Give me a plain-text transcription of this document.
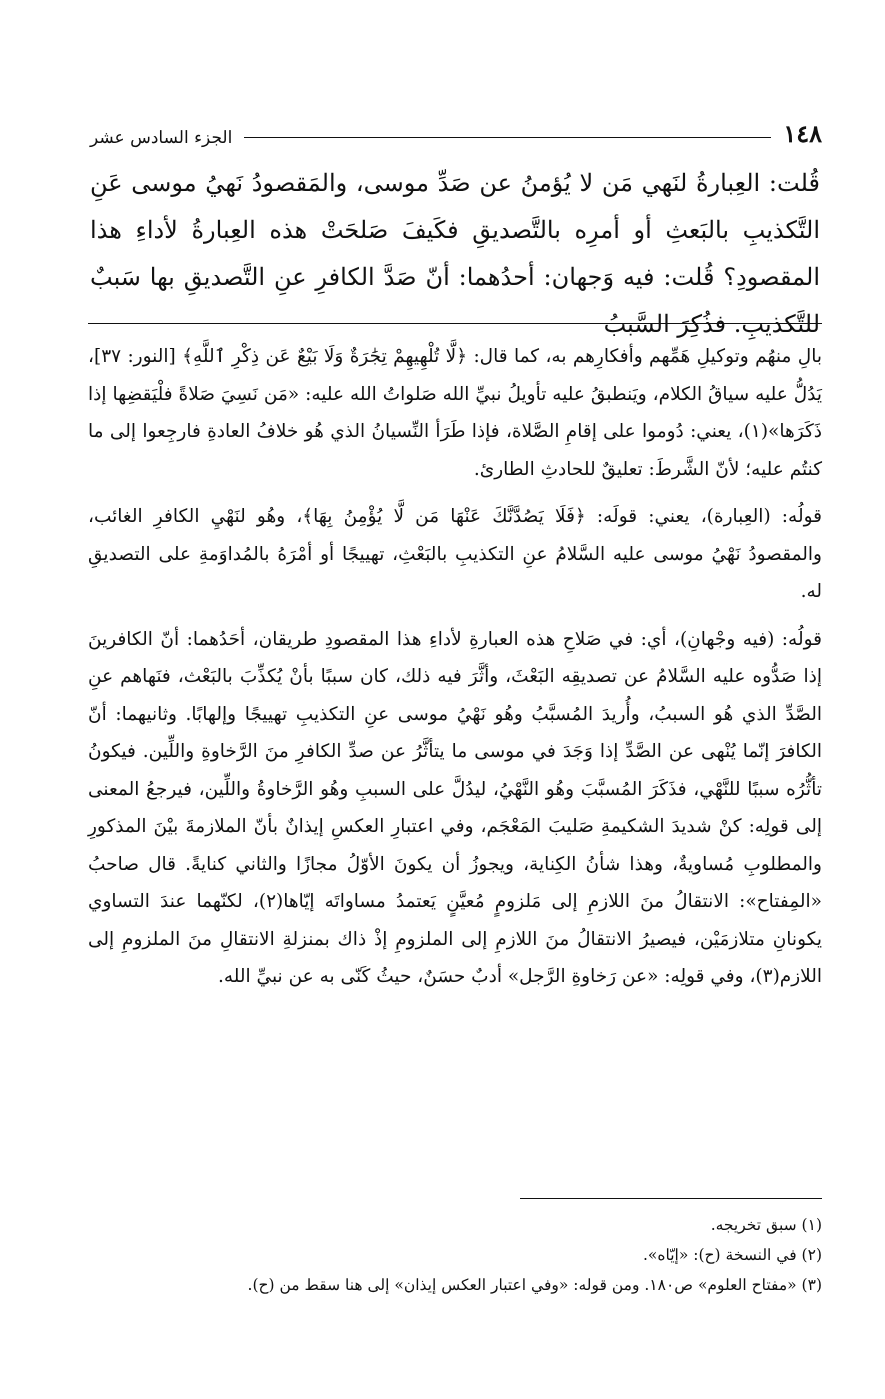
١٤٨
الجزء السادس عشر

قُلت: العِبارةُ لنَهي مَن لا يُؤمنُ عن صَدِّ موسى، والمَقصودُ نَهيُ موسى عَنِ التَّكذيبِ بالبَعثِ أو أمرِه بالتَّصديقِ فكَيفَ صَلحَتْ هذه العِبارةُ لأداءِ هذا المقصودِ؟ قُلت: فيه وَجهان: أحدُهما: أنّ صَدَّ الكافرِ عنِ التَّصديقِ بها سَببٌ للتَّكذيبِ. فذُكِرَ السَّببُ

بالِ منهُم وتوكيلِ هَمِّهم وأفكارِهم به، كما قال: ﴿لَّا تُلْهِيهِمْ تِجَٰرَةٌ وَلَا بَيْعٌ عَن ذِكْرِ ٱللَّهِ﴾ [النور: ٣٧]، يَدُلُّ عليه سياقُ الكلام، ويَنطبقُ عليه تأويلُ نبيِّ الله صَلواتُ الله عليه: «مَن نَسِيَ صَلاةً فلْيَقضِها إذا ذَكَرَها»(١)، يعني: دُوموا على إقامِ الصَّلاة، فإذا طَرَأ النِّسيانُ الذي هُو خلافُ العادةِ فارجِعوا إلى ما كنتُم عليه؛ لأنّ الشَّرطَ: تعليقٌ للحادثِ الطارئ.

قولُه: (العِبارة)، يعني: قولَه: ﴿فَلَا يَصُدَّنَّكَ عَنْهَا مَن لَّا يُؤْمِنُ بِهَا﴾، وهُو لنَهْيِ الكافرِ الغائب، والمقصودُ نَهْيُ موسى عليه السَّلامُ عنِ التكذيبِ بالبَعْثِ، تهييجًا أو أمْرَهُ بالمُداوَمةِ على التصديقِ له.

قولُه: (فيه وجْهانِ)، أي: في صَلاحِ هذه العبارةِ لأداءِ هذا المقصودِ طريقان، أحَدُهما: أنّ الكافرينَ إذا صَدُّوه عليه السَّلامُ عن تصديقِه البَعْثَ، وأثَّرَ فيه ذلك، كان سببًا بأنْ يُكذِّبَ بالبَعْث، فنَهاهم عنِ الصَّدِّ الذي هُو السببُ، وأُريدَ المُسبَّبُ وهُو نَهْيُ موسى عنِ التكذيبِ تهييجًا وإلهابًا. وثانيهما: أنّ الكافرَ إنّما يُنْهى عن الصَّدِّ إذا وَجَدَ في موسى ما يتأثَّرُ عن صدِّ الكافرِ منَ الرَّخاوةِ واللِّين. فيكونُ تأثُّرُه سببًا للنَّهْي، فذَكَرَ المُسبَّبَ وهُو النَّهْيُ، ليدُلَّ على السببِ وهُو الرَّخاوةُ واللِّين، فيرجعُ المعنى إلى قولِه: كنْ شديدَ الشكيمةِ صَليبَ المَعْجَم، وفي اعتبارِ العكسِ إيذانٌ بأنّ الملازمةَ بيْنَ المذكورِ والمطلوبِ مُساويةٌ، وهذا شأنُ الكِناية، ويجوزُ أن يكونَ الأوّلُ مجازًا والثاني كنايةً. قال صاحبُ «المِفتاح»: الانتقالُ منَ اللازمِ إلى مَلزومٍ مُعيَّنٍ يَعتمدُ مساواتَه إيّاها(٢)، لكنّهما عندَ التساوي يكونانِ متلازمَيْن، فيصيرُ الانتقالُ منَ اللازمِ إلى الملزومِ إذْ ذاك بمنزلةِ الانتقالِ منَ الملزومِ إلى اللازم(٣)، وفي قولِه: «عن رَخاوةِ الرَّجل» أدبٌ حسَنٌ، حيثُ كَنّى به عن نبيِّ الله.

(١) سبق تخريجه.

(٢) في النسخة (ح): «إيّاه».

(٣) «مفتاح العلوم» ص١٨٠. ومن قوله: «وفي اعتبار العكس إيذان» إلى هنا سقط من (ح).
